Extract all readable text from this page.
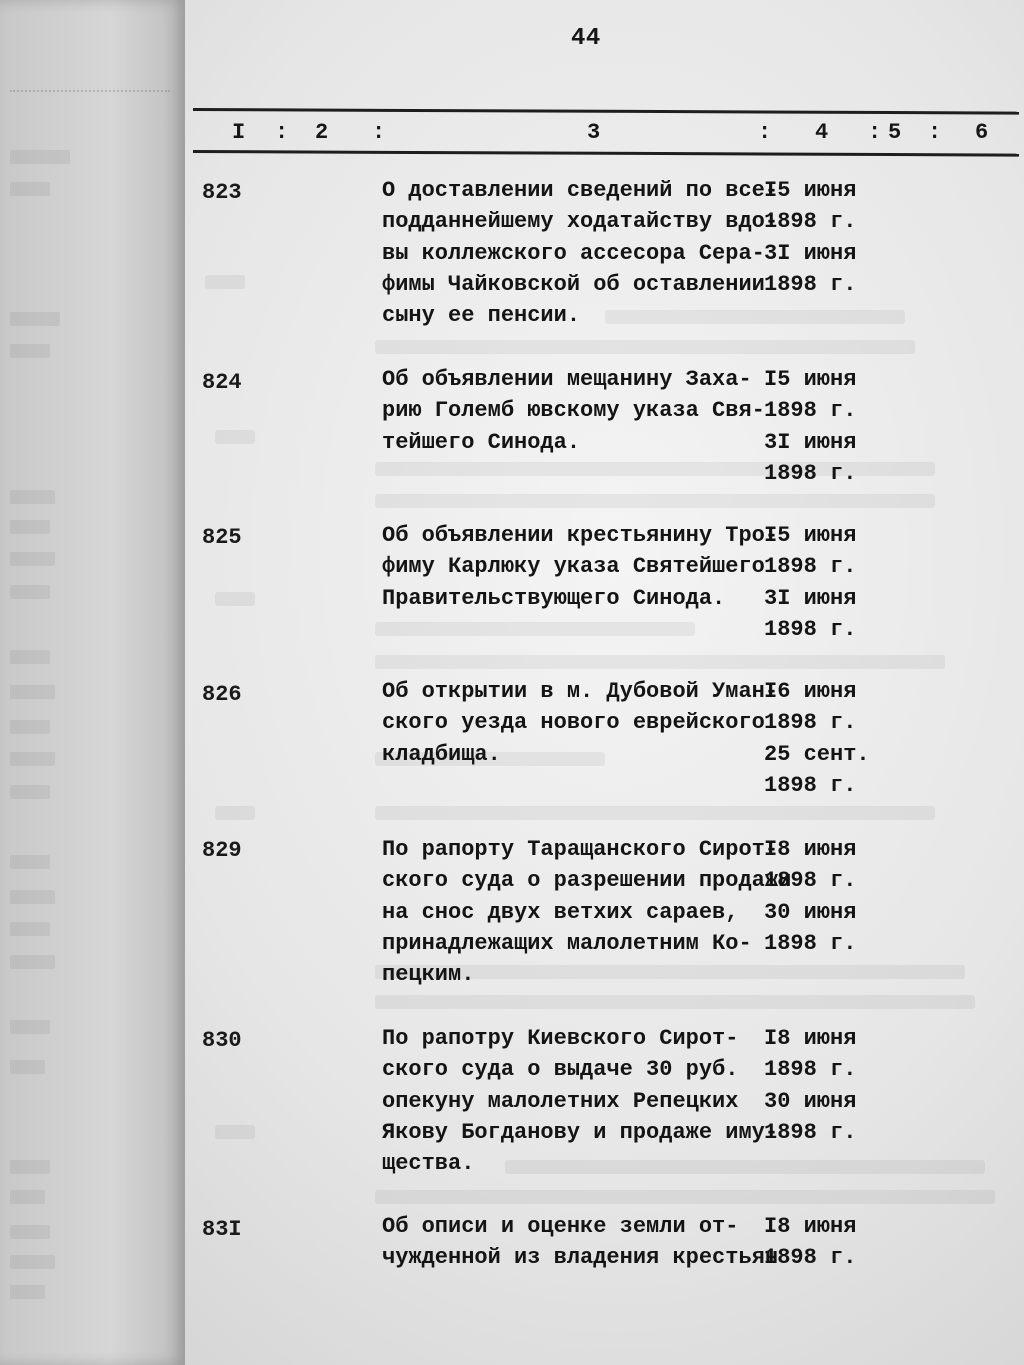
44
I : 2 :	3	: 4 : 5 : 6
823	О доставлении сведений по все-
подданнейшему ходатайству вдо-
вы коллежского ассесора Сера-
фимы Чайковской об оставлении
сыну ее пенсии.
I5 июня
1898 г.
3I июня
1898 г.
824	Об объявлении мещанину Заха-
рию Големб ювскому указа Свя-
тейшего Синода.
I5 июня
1898 г.
3I июня
1898 г.
825	Об объявлении крестьянину Тро-
фиму Карлюку указа Святейшего
Правительствующего Синода.
I5 июня
1898 г.
3I июня
1898 г.
826	Об открытии в м. Дубовой Уман-
ского уезда нового еврейского
кладбища.
I6 июня
1898 г.
25 сент.
1898 г.
829	По рапорту Таращанского Сирот-
ского суда о разрешении продажи
на снос двух ветхих сараев,
принадлежащих малолетним Ко-
пецким.
I8 июня
1898 г.
30 июня
1898 г.
830	По рапотру Киевского Сирот-
ского суда о выдаче 30 руб.
опекуну малолетних Репецких
Якову Богданову и продаже иму-
щества.
I8 июня
1898 г.
30 июня
1898 г.
83I	Об описи и оценке земли от-
чужденной из владения крестьян
I8 июня
1898 г.
